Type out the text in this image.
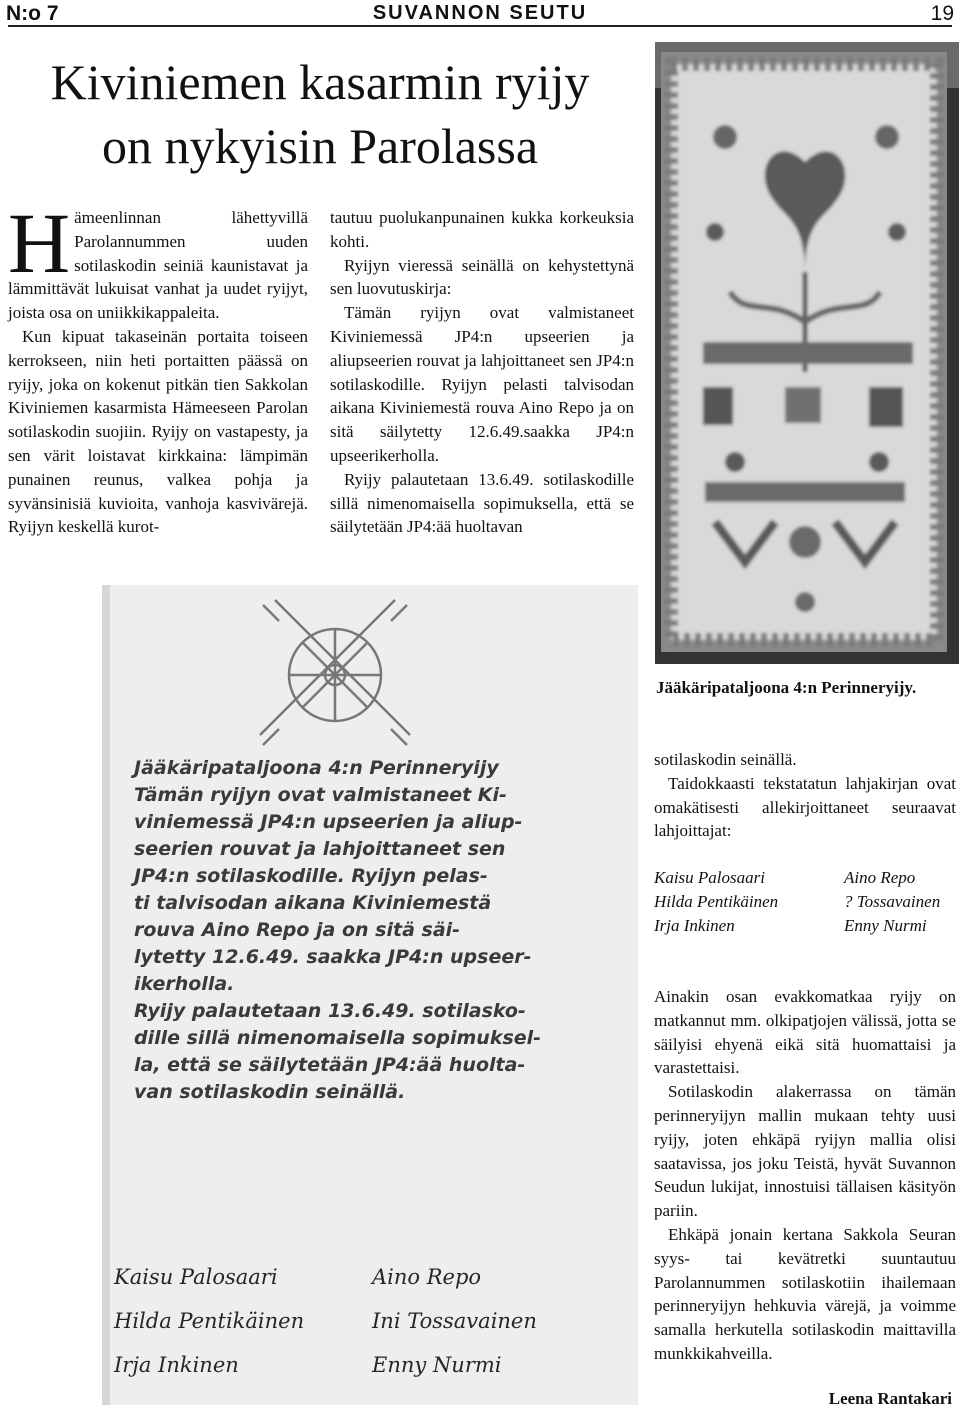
N:o 7	SUVANNON SEUTU	19
Kiviniemen kasarmin ryijy
on nykyisin Parolassa

Hämeenlinnan lähettyvillä Parolannummen uuden sotilaskodin seiniä kaunistavat ja lämmittävät lukuisat vanhat ja uudet ryijyt, joista osa on uniikkikappaleita.

Kun kipuat takaseinän portaita toiseen kerrokseen, niin heti portaitten päässä on ryijy, joka on kokenut pitkän tien Sakkolan Kiviniemen kasarmista Hämeeseen Parolan sotilaskodin suojiin. Ryijy on vastapesty, ja sen värit loistavat kirkkaina: lämpimän punainen reunus, valkea pohja ja syvänsinisiä kuvioita, vanhoja kasvivärejä. Ryijyn keskellä kurot-

tautuu puolukanpunainen kukka korkeuksia kohti.

Ryijyn vieressä seinällä on kehystettynä sen luovutuskirja:

Tämän ryijyn ovat valmistaneet Kiviniemessä JP4:n upseerien ja aliupseerien rouvat ja lahjoittaneet sen JP4:n sotilaskodille. Ryijyn pelasti talvisodan aikana Kiviniemestä rouva Aino Repo ja on sitä säilytetty 12.6.49.saakka JP4:n upseerikerholla.

Ryijy palautetaan 13.6.49. sotilaskodille sillä nimenomaisella sopimuksella, että se säilytetään JP4:ää huoltavan

Jääkäripataljoona 4:n Perinneryijy.
Jääkäripataljoona 4:n Perinneryijy
Tämän ryijyn ovat valmistaneet Ki-
viniemessä JP4:n upseerien ja aliup-
seerien rouvat ja lahjoittaneet sen
JP4:n sotilaskodille. Ryijyn pelas-
ti talvisodan aikana Kiviniemestä
rouva Aino Repo ja on sitä säi-
lytetty 12.6.49. saakka JP4:n upseer-
ikerholla.
Ryijy palautetaan 13.6.49. sotilasko-
dille sillä nimenomaisella sopimuksel-
la, että se säilytetään JP4:ää huolta-
van sotilaskodin seinällä.
Kaisu Palosaari	Aino Repo
Hilda Pentikäinen	Ini Tossavainen
Irja Inkinen	Enny Nurmi

sotilaskodin seinällä.

Taidokkaasti tekstatatun lahjakirjan ovat omakätisesti allekirjoittaneet seuraavat lahjoittajat:

Kaisu Palosaari	Aino Repo
Hilda Pentikäinen	? Tossavainen
Irja Inkinen	Enny Nurmi

Ainakin osan evakkomatkaa ryijy on matkannut mm. olkipatjojen välissä, jotta se säilyisi ehyenä eikä sitä huomattaisi ja varastettaisi.

Sotilaskodin alakerrassa on tämän perinneryijyn mallin mukaan tehty uusi ryijy, joten ehkäpä ryijyn mallia olisi saatavissa, jos joku Teistä, hyvät Suvannon Seudun lukijat, innostuisi tällaisen käsityön pariin.

Ehkäpä jonain kertana Sakkola Seuran syys- tai kevätretki suuntautuu Parolannummen sotilaskotiin ihailemaan perinneryijyn hehkuvia värejä, ja voimme samalla herkutella sotilaskodin maittavilla munkkikahveilla.

Leena Rantakari
